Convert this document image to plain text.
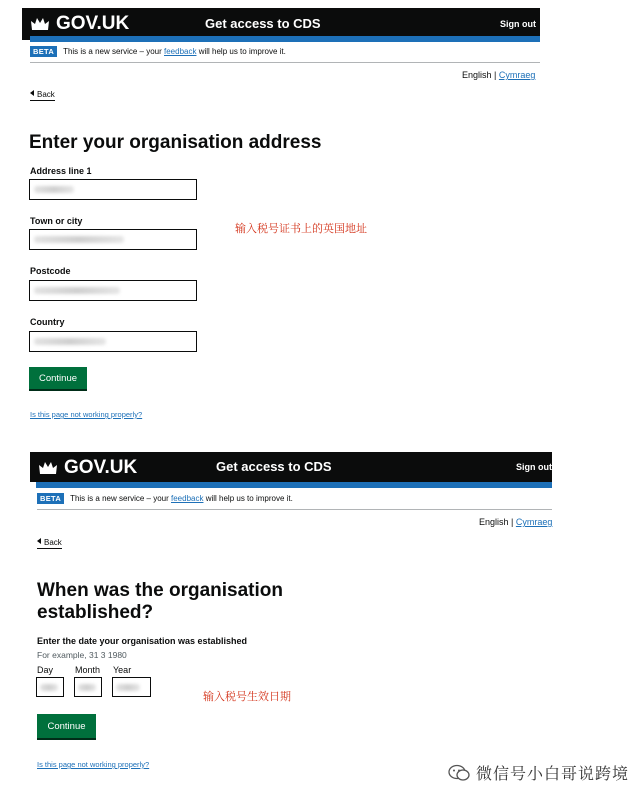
GOV.UK	Get access to CDS	Sign out
BETA	This is a new service – your feedback will help us to improve it.
English | Cymraeg
Back
Enter your organisation address
Address line 1
Town or city
Postcode
Country
Continue
Is this page not working properly?
输入税号证书上的英国地址
GOV.UK	Get access to CDS	Sign out
BETA	This is a new service – your feedback will help us to improve it.
English | Cymraeg
Back
When was the organisation
established?
Enter the date your organisation was established
For example, 31 3 1980
Day Month Year
Continue
Is this page not working properly?
输入税号生效日期
微信号小白哥说跨境
